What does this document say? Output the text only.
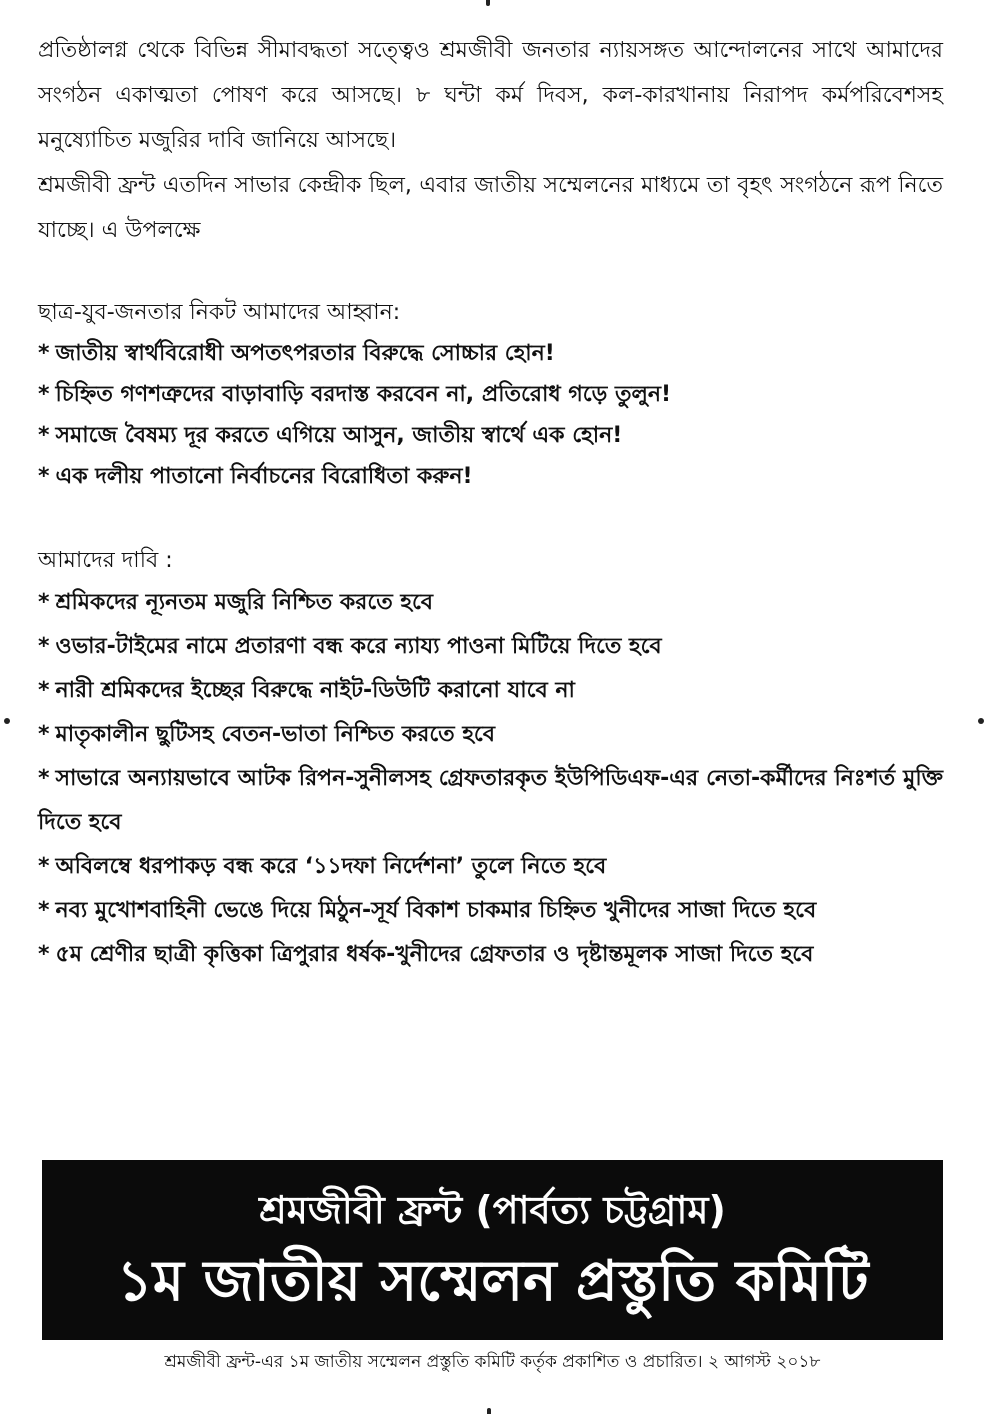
প্রতিষ্ঠালগ্ন থেকে বিভিন্ন সীমাবদ্ধতা সত্ত্বেও শ্রমজীবী জনতার ন্যায়সঙ্গত আন্দোলনের সাথে আমাদের সংগঠন একাত্মতা পোষণ করে আসছে। ৮ ঘন্টা কর্ম দিবস, কল-কারখানায় নিরাপদ কর্মপরিবেশসহ মনুষ্যোচিত মজুরির দাবি জানিয়ে আসছে।

শ্রমজীবী ফ্রন্ট এতদিন সাভার কেন্দ্রীক ছিল, এবার জাতীয় সম্মেলনের মাধ্যমে তা বৃহৎ সংগঠনে রূপ নিতে যাচ্ছে। এ উপলক্ষে

ছাত্র-যুব-জনতার নিকট আমাদের আহ্বান:

* জাতীয় স্বার্থবিরোধী অপতৎপরতার বিরুদ্ধে সোচ্চার হোন!
* চিহ্নিত গণশত্রুদের বাড়াবাড়ি বরদাস্ত করবেন না, প্রতিরোধ গড়ে তুলুন!
* সমাজে বৈষম্য দূর করতে এগিয়ে আসুন, জাতীয় স্বার্থে এক হোন!
* এক দলীয় পাতানো নির্বাচনের বিরোধিতা করুন!

আমাদের দাবি :

* শ্রমিকদের ন্যূনতম মজুরি নিশ্চিত করতে হবে
* ওভার-টাইমের নামে প্রতারণা বন্ধ করে ন্যায্য পাওনা মিটিয়ে দিতে হবে
* নারী শ্রমিকদের ইচ্ছের বিরুদ্ধে নাইট-ডিউটি করানো যাবে না
* মাতৃকালীন ছুটিসহ বেতন-ভাতা নিশ্চিত করতে হবে
* সাভারে অন্যায়ভাবে আটক রিপন-সুনীলসহ গ্রেফতারকৃত ইউপিডিএফ-এর নেতা-কর্মীদের নিঃশর্ত মুক্তি দিতে হবে
* অবিলম্বে ধরপাকড় বন্ধ করে ‘১১দফা নির্দেশনা’ তুলে নিতে হবে
* নব্য মুখোশবাহিনী ভেঙে দিয়ে মিঠুন-সূর্য বিকাশ চাকমার চিহ্নিত খুনীদের সাজা দিতে হবে
* ৫ম শ্রেণীর ছাত্রী কৃত্তিকা ত্রিপুরার ধর্ষক-খুনীদের গ্রেফতার ও দৃষ্টান্তমূলক সাজা দিতে হবে
শ্রমজীবী ফ্রন্ট (পার্বত্য চট্টগ্রাম)
১ম জাতীয় সম্মেলন প্রস্তুতি কমিটি
শ্রমজীবী ফ্রন্ট-এর ১ম জাতীয় সম্মেলন প্রস্তুতি কমিটি কর্তৃক প্রকাশিত ও প্রচারিত। ২ আগস্ট ২০১৮
